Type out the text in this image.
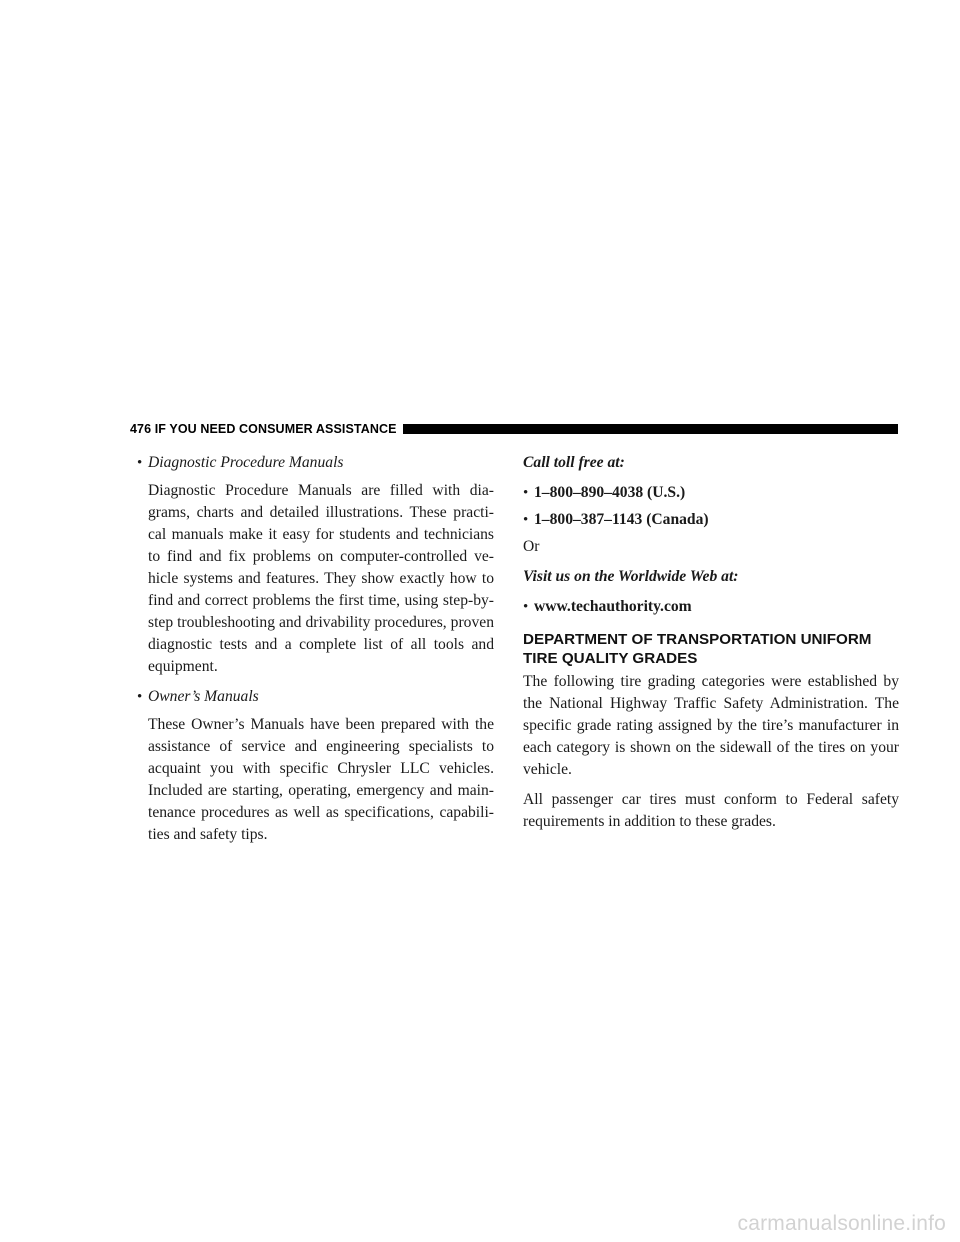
476 IF YOU NEED CONSUMER ASSISTANCE
• Diagnostic Procedure Manuals

Diagnostic Procedure Manuals are filled with dia-grams, charts and detailed illustrations. These practi-cal manuals make it easy for students and technicians to find and fix problems on computer-controlled ve-hicle systems and features. They show exactly how to find and correct problems the first time, using step-by-step troubleshooting and drivability procedures, proven diagnostic tests and a complete list of all tools and equipment.

• Owner’s Manuals

These Owner’s Manuals have been prepared with the assistance of service and engineering specialists to acquaint you with specific Chrysler LLC vehicles. Included are starting, operating, emergency and main-tenance procedures as well as specifications, capabili-ties and safety tips.

Call toll free at:

• 1–800–890–4038 (U.S.)
• 1–800–387–1143 (Canada)

Or

Visit us on the Worldwide Web at:

• www.techauthority.com
DEPARTMENT OF TRANSPORTATION UNIFORM
TIRE QUALITY GRADES

The following tire grading categories were established by the National Highway Traffic Safety Administration. The specific grade rating assigned by the tire’s manufacturer in each category is shown on the sidewall of the tires on your vehicle.

All passenger car tires must conform to Federal safety requirements in addition to these grades.

carmanualsonline.info
